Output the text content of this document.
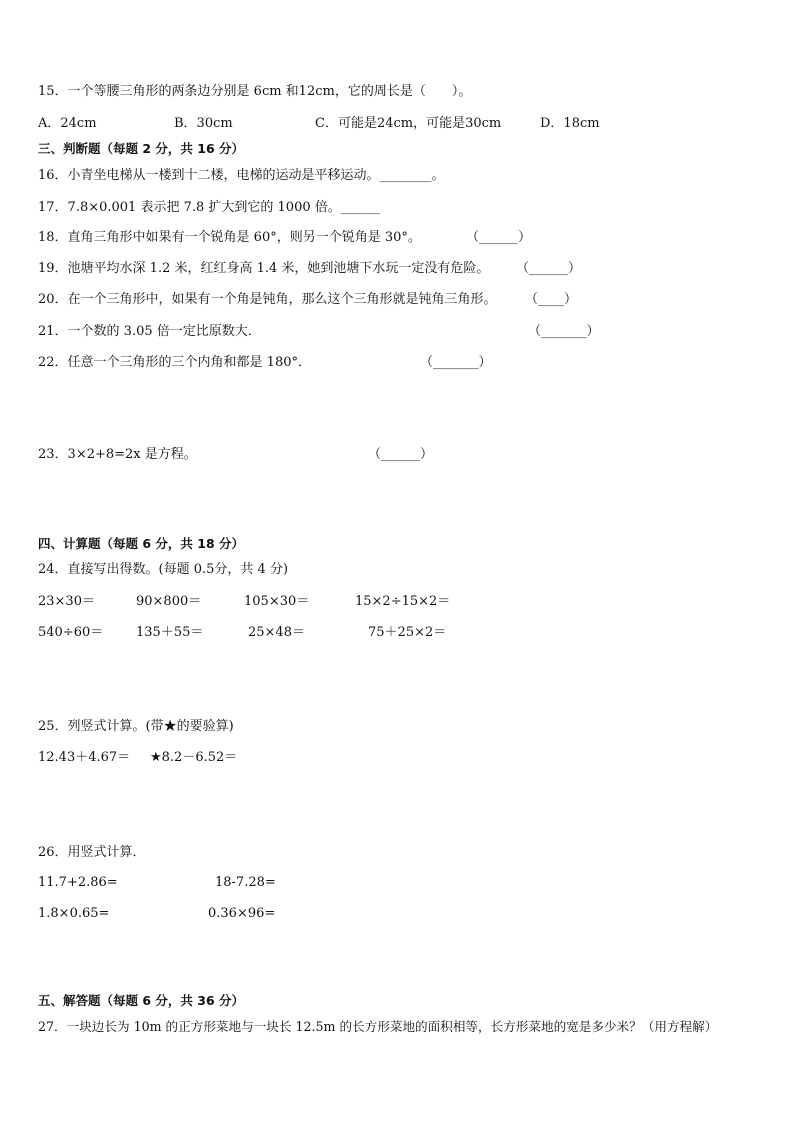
15．一个等腰三角形的两条边分别是 6cm 和12cm，它的周长是（　　）。
A．24cm	B．30cm	C．可能是24cm，可能是30cm	D．18cm
三、判断题（每题 2 分，共 16 分）
16．小青坐电梯从一楼到十二楼，电梯的运动是平移运动。________。
17．7.8×0.001 表示把 7.8 扩大到它的 1000 倍。______
18．直角三角形中如果有一个锐角是 60°，则另一个锐角是 30°。	（______）
19．池塘平均水深 1.2 米，红红身高 1.4 米，她到池塘下水玩一定没有危险。 （______）
20．在一个三角形中，如果有一个角是钝角，那么这个三角形就是钝角三角形。 （____）
21．一个数的 3.05 倍一定比原数大．	（_______）
22．任意一个三角形的三个内角和都是 180°．	（_______）
23．3×2+8=2x 是方程。	（______）
四、计算题（每题 6 分，共 18 分）
24．直接写出得数。(每题 0.5分，共 4 分)
23×30＝	90×800＝	105×30＝	15×2÷15×2＝
540÷60＝	135＋55＝	25×48＝	75＋25×2＝
25．列竖式计算。(带★的要验算)
12.43＋4.67＝ ★8.2－6.52＝
26．用竖式计算．
11.7+2.86=	18-7.28=
1.8×0.65=	0.36×96=
五、解答题（每题 6 分，共 36 分）
27．一块边长为 10m 的正方形菜地与一块长 12.5m 的长方形菜地的面积相等，长方形菜地的宽是多少米？（用方程解）
